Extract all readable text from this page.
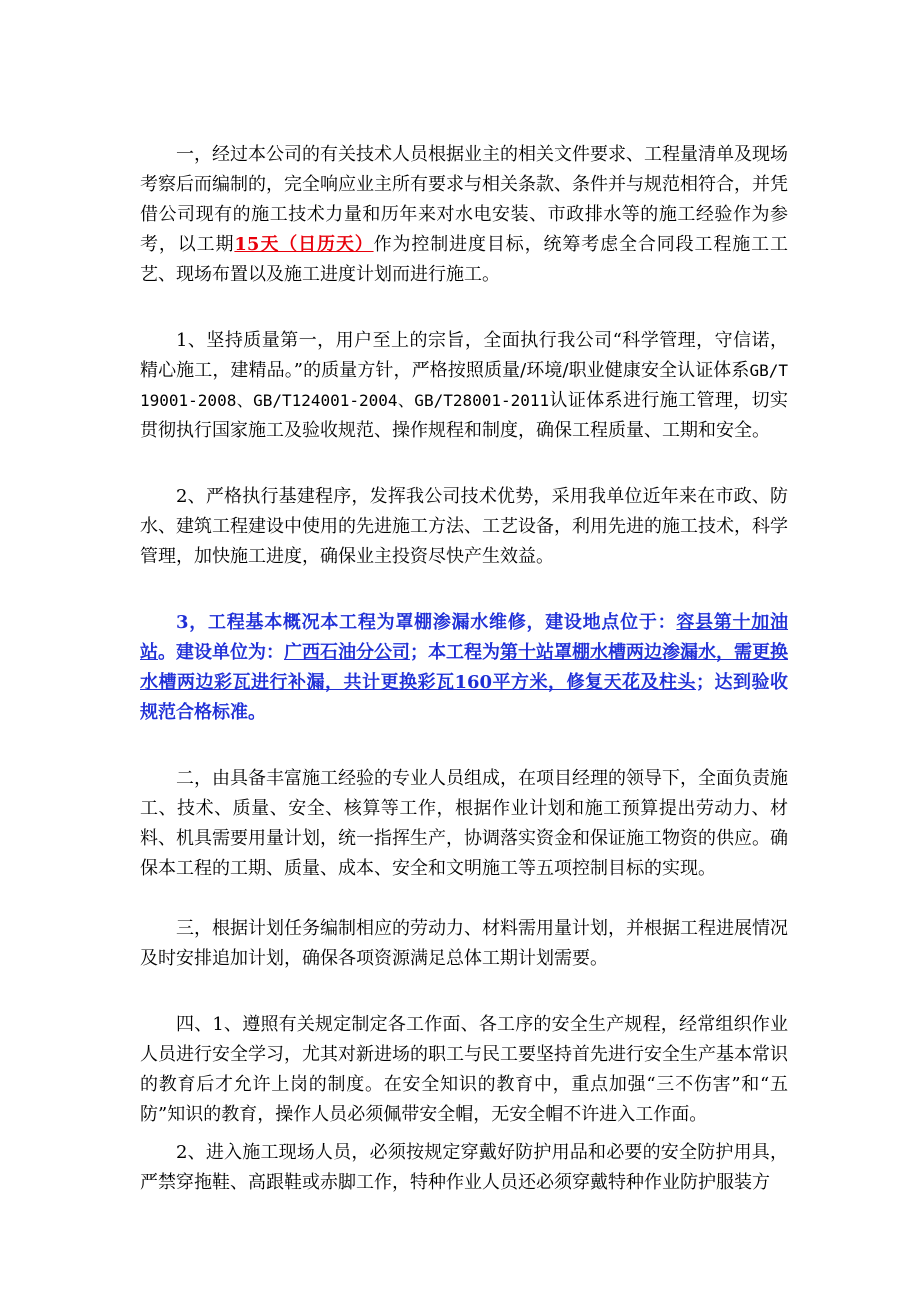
一，经过本公司的有关技术人员根据业主的相关文件要求、工程量清单及现场考察后而编制的，完全响应业主所有要求与相关条款、条件并与规范相符合，并凭借公司现有的施工技术力量和历年来对水电安装、市政排水等的施工经验作为参考，以工期15天（日历天）作为控制进度目标，统筹考虑全合同段工程施工工艺、现场布置以及施工进度计划而进行施工。

1、坚持质量第一，用户至上的宗旨，全面执行我公司“科学管理，守信诺，精心施工，建精品。”的质量方针，严格按照质量/环境/职业健康安全认证体系GB/T19001-2008、GB/T124001-2004、GB/T28001-2011认证体系进行施工管理，切实贯彻执行国家施工及验收规范、操作规程和制度，确保工程质量、工期和安全。

2、严格执行基建程序，发挥我公司技术优势，采用我单位近年来在市政、防水、建筑工程建设中使用的先进施工方法、工艺设备，利用先进的施工技术，科学管理，加快施工进度，确保业主投资尽快产生效益。

3，工程基本概况本工程为罩棚渗漏水维修，建设地点位于：容县第十加油站。建设单位为：广西石油分公司；本工程为第十站罩棚水槽两边渗漏水，需更换水槽两边彩瓦进行补漏，共计更换彩瓦160平方米，修复天花及柱头；达到验收规范合格标准。

二，由具备丰富施工经验的专业人员组成，在项目经理的领导下，全面负责施工、技术、质量、安全、核算等工作，根据作业计划和施工预算提出劳动力、材料、机具需要用量计划，统一指挥生产，协调落实资金和保证施工物资的供应。确保本工程的工期、质量、成本、安全和文明施工等五项控制目标的实现。

三，根据计划任务编制相应的劳动力、材料需用量计划，并根据工程进展情况及时安排追加计划，确保各项资源满足总体工期计划需要。

四、1、遵照有关规定制定各工作面、各工序的安全生产规程，经常组织作业人员进行安全学习，尤其对新进场的职工与民工要坚持首先进行安全生产基本常识的教育后才允许上岗的制度。在安全知识的教育中，重点加强“三不伤害”和“五防”知识的教育，操作人员必须佩带安全帽，无安全帽不许进入工作面。

2、进入施工现场人员，必须按规定穿戴好防护用品和必要的安全防护用具，严禁穿拖鞋、高跟鞋或赤脚工作，特种作业人员还必须穿戴特种作业防护服装方
